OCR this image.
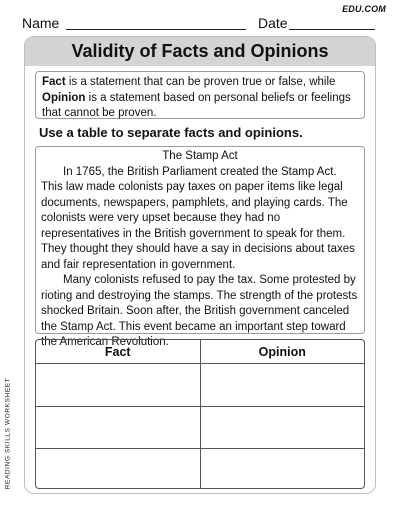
Name	Date
EDU.COM
READING SKILLS WORKSHEET
Validity of Facts and Opinions
Fact is a statement that can be proven true or false, while Opinion is a statement based on personal beliefs or feelings that cannot be proven.
Use a table to separate facts and opinions.
The Stamp Act

In 1765, the British Parliament created the Stamp Act. This law made colonists pay taxes on paper items like legal documents, newspapers, pamphlets, and playing cards. The colonists were very upset because they had no representatives in the British government to speak for them. They thought they should have a say in decisions about taxes and fair representation in government.

Many colonists refused to pay the tax. Some protested by rioting and destroying the stamps. The strength of the protests shocked Britain. Soon after, the British government canceled the Stamp Act. This event became an important step toward the American Revolution.

Fact	Opinion
